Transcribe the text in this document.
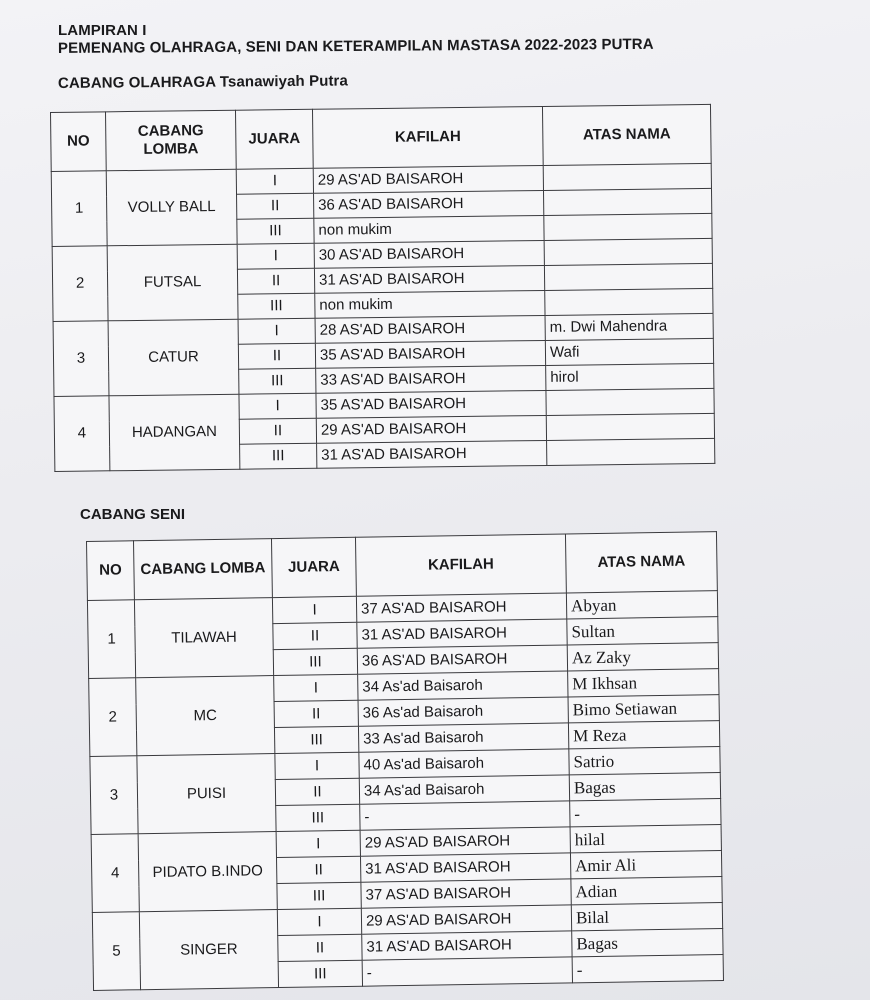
LAMPIRAN I
PEMENANG OLAHRAGA, SENI DAN KETERAMPILAN MASTASA 2022-2023 PUTRA
CABANG OLAHRAGA Tsanawiyah Putra
NO	CABANG LOMBA	JUARA	KAFILAH	ATAS NAMA
1	VOLLY BALL	I	29 AS'AD BAISAROH	
		II	36 AS'AD BAISAROH	
		III	non mukim	
2	FUTSAL	I	30 AS'AD BAISAROH	
		II	31 AS'AD BAISAROH	
		III	non mukim	
3	CATUR	I	28 AS'AD BAISAROH	m. Dwi Mahendra
		II	35 AS'AD BAISAROH	Wafi
		III	33 AS'AD BAISAROH	hirol
4	HADANGAN	I	35 AS'AD BAISAROH	
		II	29 AS'AD BAISAROH	
		III	31 AS'AD BAISAROH	
CABANG SENI
NO	CABANG LOMBA	JUARA	KAFILAH	ATAS NAMA
1	TILAWAH	I	37 AS'AD BAISAROH	Abyan
		II	31 AS'AD BAISAROH	Sultan
		III	36 AS'AD BAISAROH	Az Zaky
2	MC	I	34 As'ad Baisaroh	M Ikhsan
		II	36 As'ad Baisaroh	Bimo Setiawan
		III	33 As'ad Baisaroh	M Reza
3	PUISI	I	40 As'ad Baisaroh	Satrio
		II	34 As'ad Baisaroh	Bagas
		III	-	-
4	PIDATO B.INDO	I	29 AS'AD BAISAROH	hilal
		II	31 AS'AD BAISAROH	Amir Ali
		III	37 AS'AD BAISAROH	Adian
5	SINGER	I	29 AS'AD BAISAROH	Bilal
		II	31 AS'AD BAISAROH	Bagas
		III	-	-
